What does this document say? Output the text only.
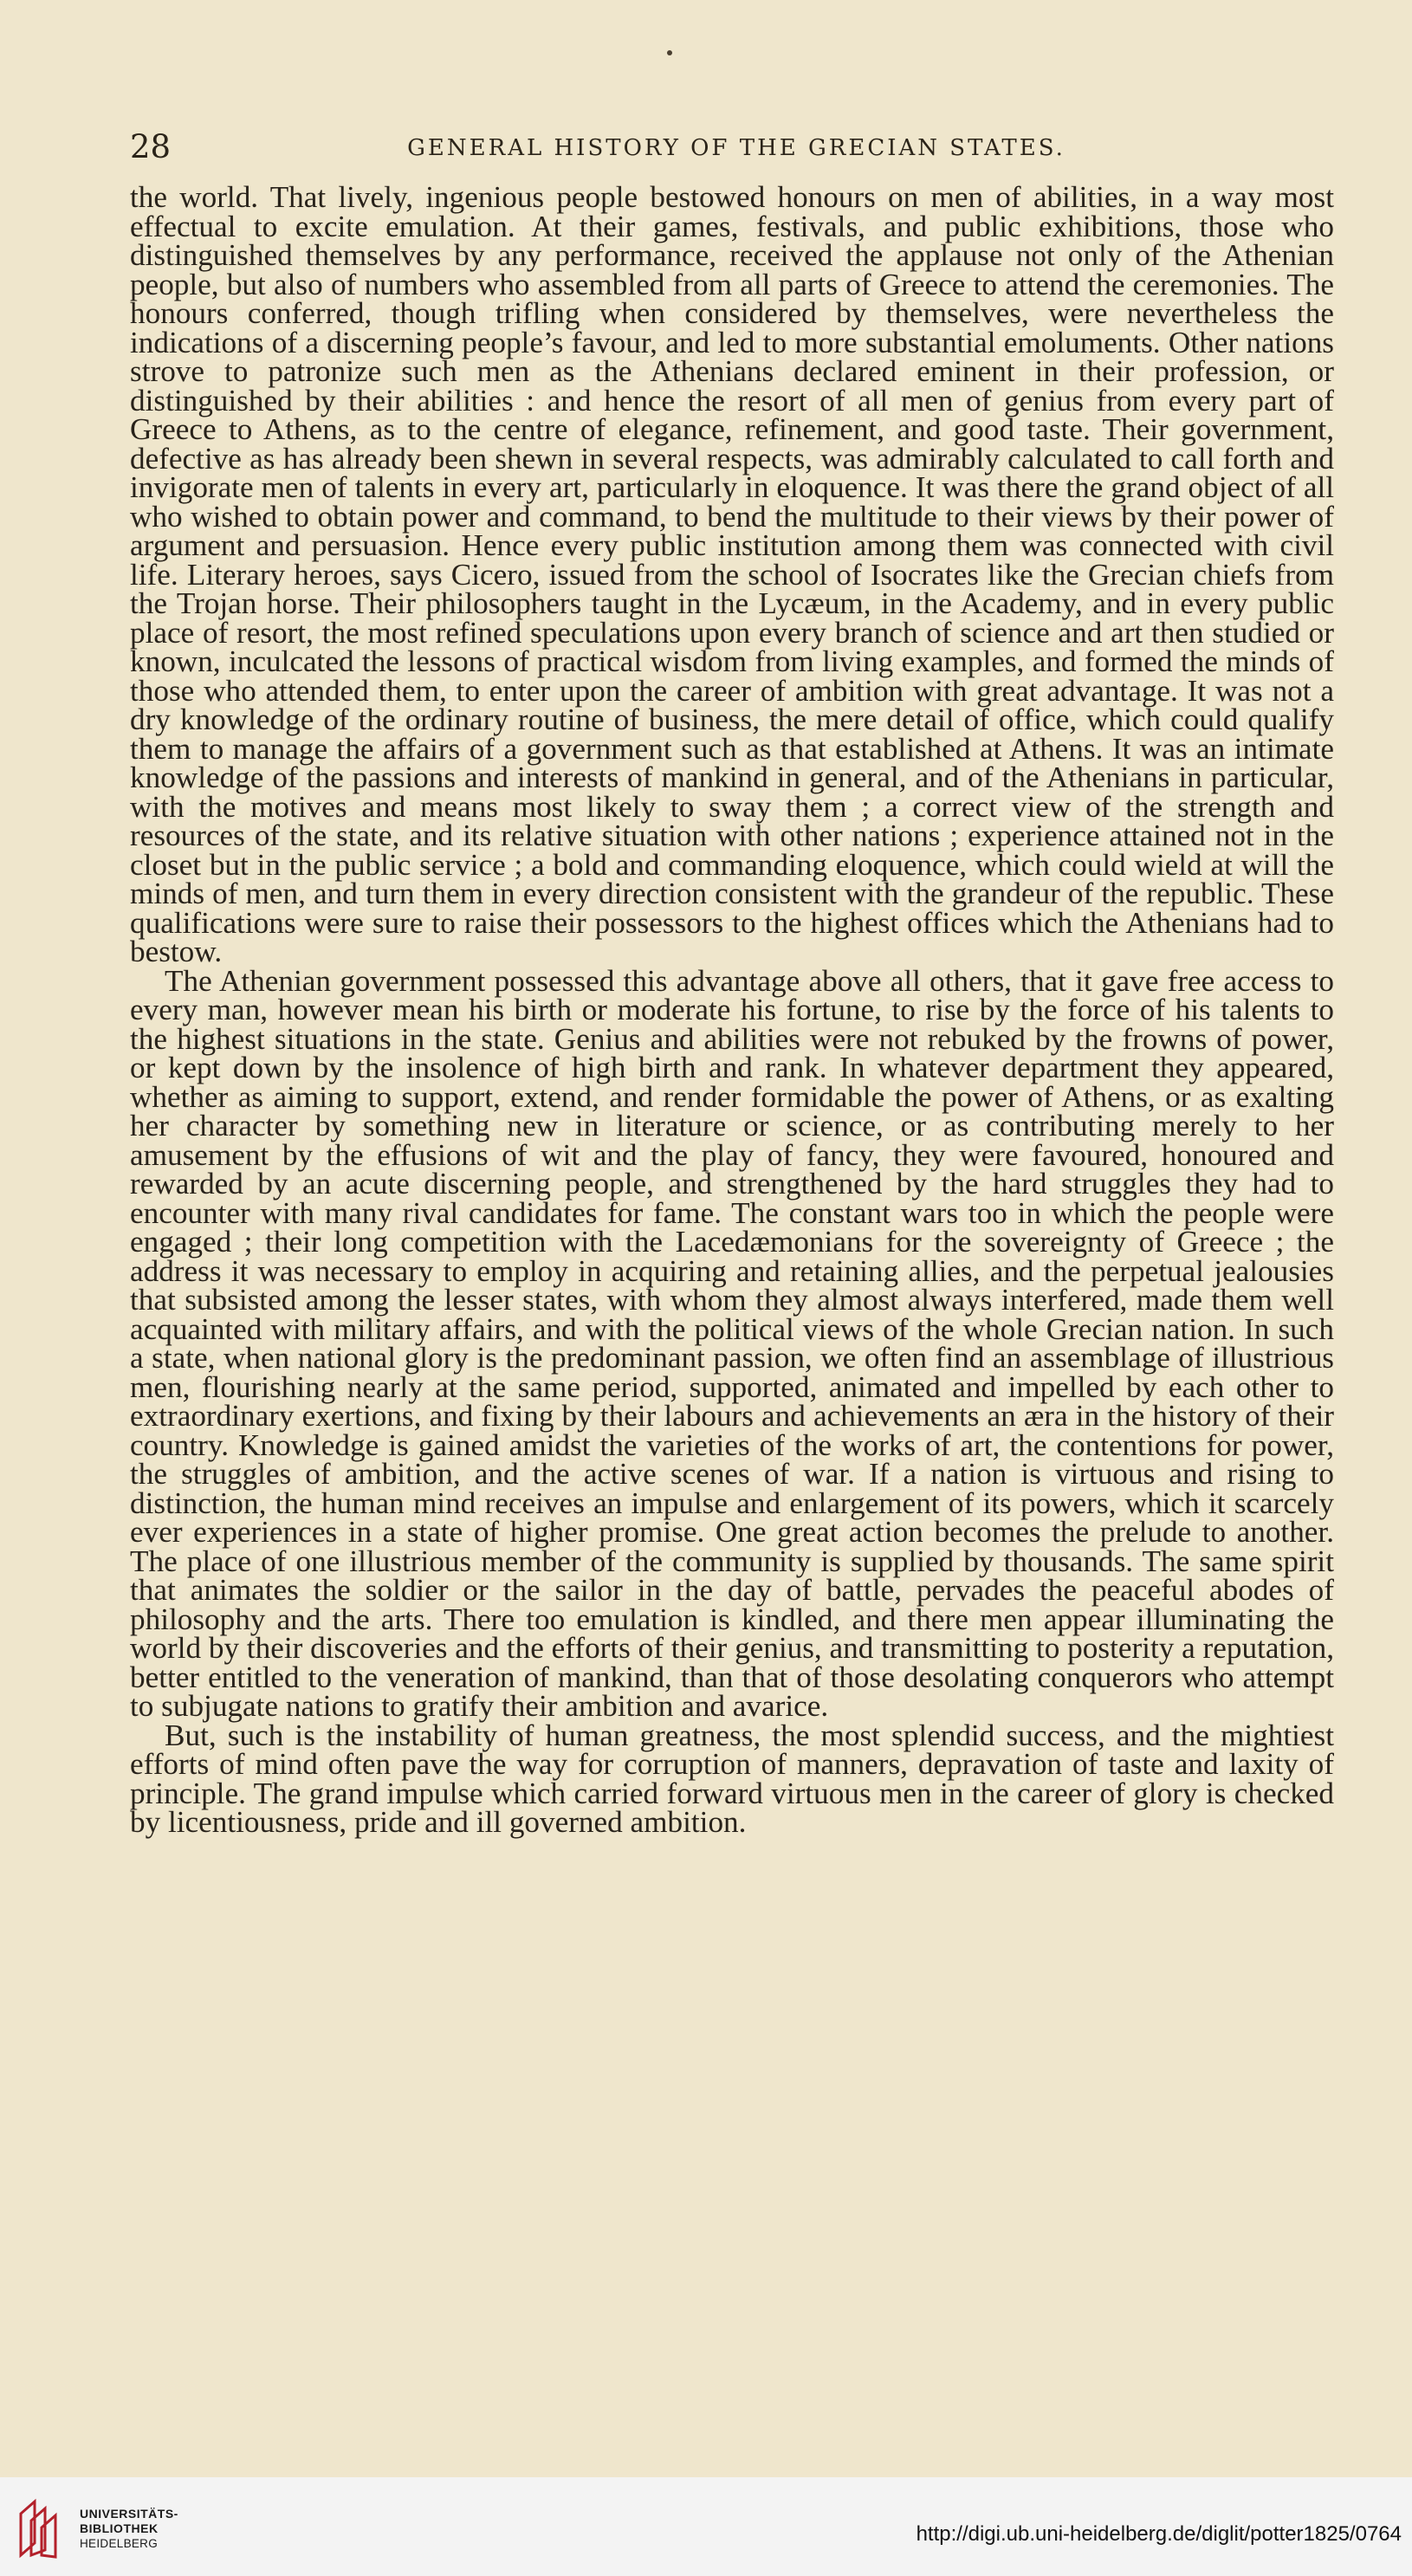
28	GENERAL HISTORY OF THE GRECIAN STATES.

the world. That lively, ingenious people bestowed honours on men of abilities, in a way most effectual to excite emulation. At their games, festivals, and public exhibitions, those who distinguished themselves by any performance, received the applause not only of the Athenian people, but also of numbers who assembled from all parts of Greece to attend the ceremonies. The honours conferred, though trifling when considered by themselves, were nevertheless the indications of a discerning people’s favour, and led to more substantial emoluments. Other nations strove to patronize such men as the Athenians declared eminent in their profession, or distinguished by their abilities : and hence the resort of all men of genius from every part of Greece to Athens, as to the centre of elegance, refinement, and good taste. Their government, defective as has already been shewn in several respects, was admirably calculated to call forth and invigorate men of talents in every art, particularly in eloquence. It was there the grand object of all who wished to obtain power and command, to bend the multitude to their views by their power of argument and persuasion. Hence every public institution among them was connected with civil life. Literary heroes, says Cicero, issued from the school of Isocrates like the Grecian chiefs from the Trojan horse. Their philosophers taught in the Lycæum, in the Academy, and in every public place of resort, the most refined speculations upon every branch of science and art then studied or known, inculcated the lessons of practical wisdom from living examples, and formed the minds of those who attended them, to enter upon the career of ambition with great advantage. It was not a dry knowledge of the ordinary routine of business, the mere detail of office, which could qualify them to manage the affairs of a government such as that established at Athens. It was an intimate knowledge of the passions and interests of mankind in general, and of the Athenians in particular, with the motives and means most likely to sway them ; a correct view of the strength and resources of the state, and its relative situation with other nations ; experience attained not in the closet but in the public service ; a bold and commanding eloquence, which could wield at will the minds of men, and turn them in every direction consistent with the grandeur of the republic. These qualifications were sure to raise their possessors to the highest offices which the Athenians had to bestow.

The Athenian government possessed this advantage above all others, that it gave free access to every man, however mean his birth or moderate his fortune, to rise by the force of his talents to the highest situations in the state. Genius and abilities were not rebuked by the frowns of power, or kept down by the insolence of high birth and rank. In whatever department they appeared, whether as aiming to support, extend, and render formidable the power of Athens, or as exalting her character by something new in literature or science, or as contributing merely to her amusement by the effusions of wit and the play of fancy, they were favoured, honoured and rewarded by an acute discerning people, and strengthened by the hard struggles they had to encounter with many rival candidates for fame. The constant wars too in which the people were engaged ; their long competition with the Lacedæmonians for the sovereignty of Greece ; the address it was necessary to employ in acquiring and retaining allies, and the perpetual jealousies that subsisted among the lesser states, with whom they almost always interfered, made them well acquainted with military affairs, and with the political views of the whole Grecian nation. In such a state, when national glory is the predominant passion, we often find an assemblage of illustrious men, flourishing nearly at the same period, supported, animated and impelled by each other to extraordinary exertions, and fixing by their labours and achievements an æra in the history of their country. Knowledge is gained amidst the varieties of the works of art, the contentions for power, the struggles of ambition, and the active scenes of war. If a nation is virtuous and rising to distinction, the human mind receives an impulse and enlargement of its powers, which it scarcely ever experiences in a state of higher promise. One great action becomes the prelude to another. The place of one illustrious member of the community is supplied by thousands. The same spirit that animates the soldier or the sailor in the day of battle, pervades the peaceful abodes of philosophy and the arts. There too emulation is kindled, and there men appear illuminating the world by their discoveries and the efforts of their genius, and transmitting to posterity a reputation, better entitled to the veneration of mankind, than that of those desolating conquerors who attempt to subjugate nations to gratify their ambition and avarice.

But, such is the instability of human greatness, the most splendid success, and the mightiest efforts of mind often pave the way for corruption of manners, depravation of taste and laxity of principle. The grand impulse which carried forward virtuous men in the career of glory is checked by licentiousness, pride and ill governed ambition.

UNIVERSITÄTS-
BIBLIOTHEK
HEIDELBERG	http://digi.ub.uni-heidelberg.de/diglit/potter1825/0764
